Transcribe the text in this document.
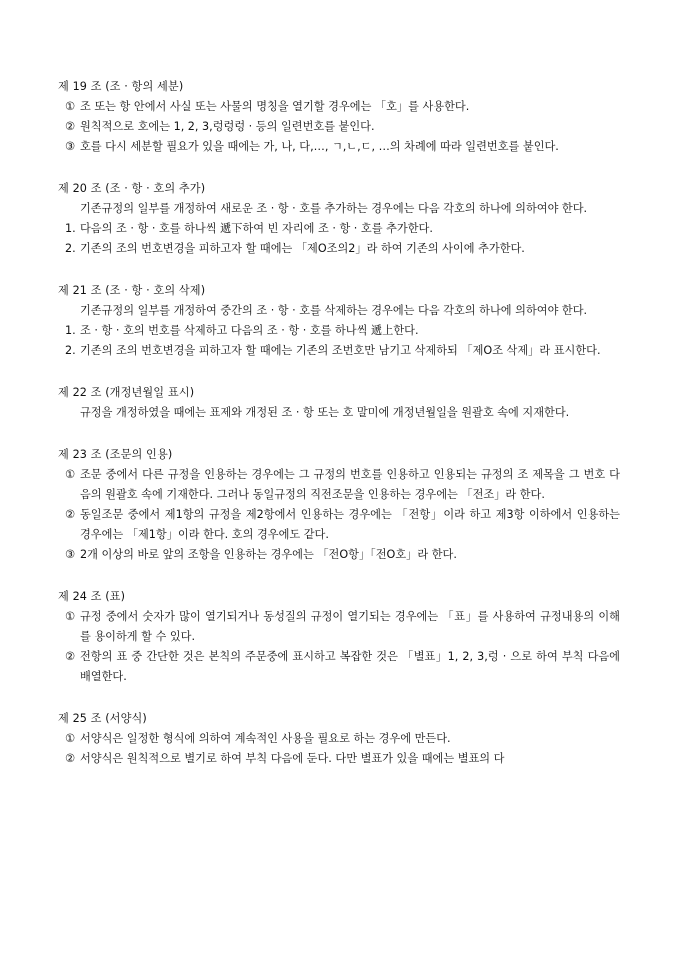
제 19 조 (조 · 항의 세분)
① 조 또는 항 안에서 사실 또는 사물의 명칭을 열기할 경우에는 「호」를 사용한다.
② 원칙적으로 호에는 1, 2, 3,렁렁렁 · 등의 일련번호를 붙인다.
③ 호를 다시 세분할 필요가 있을 때에는 가, 나, 다,…, ㄱ,ㄴ,ㄷ, …의 차례에 따라 일련번호를 붙인다.
제 20 조 (조 · 항 · 호의 추가)
기존규정의 일부를 개정하여 새로운 조 · 항 · 호를 추가하는 경우에는 다음 각호의 하나에 의하여야 한다.
1. 다음의 조 · 항 · 호를 하나씩 遞下하여 빈 자리에 조 · 항 · 호를 추가한다.
2. 기존의 조의 번호변경을 피하고자 할 때에는 「제O조의2」라 하여 기존의 사이에 추가한다.
제 21 조 (조 · 항 · 호의 삭제)
기존규정의 일부를 개정하여 중간의 조 · 항 · 호를 삭제하는 경우에는 다음 각호의 하나에 의하여야 한다.
1. 조 · 항 · 호의 번호를 삭제하고 다음의 조 · 항 · 호를 하나씩 遞上한다.
2. 기존의 조의 번호변경을 피하고자 할 때에는 기존의 조번호만 남기고 삭제하되 「제O조 삭제」라 표시한다.
제 22 조 (개정년월일 표시)
규정을 개정하였을 때에는 표제와 개정된 조 · 항 또는 호 말미에 개정년월일을 원괄호 속에 지재한다.
제 23 조 (조문의 인용)
① 조문 중에서 다른 규정을 인용하는 경우에는 그 규정의 번호를 인용하고 인용되는 규정의 조 제목을 그 번호 다음의 원괄호 속에 기재한다. 그러나 동일규정의 직전조문을 인용하는 경우에는 「전조」라 한다.
② 동일조문 중에서 제1항의 규정을 제2항에서 인용하는 경우에는 「전항」이라 하고 제3항 이하에서 인용하는 경우에는 「제1항」이라 한다. 호의 경우에도 같다.
③ 2개 이상의 바로 앞의 조항을 인용하는 경우에는 「전O항」「전O호」라 한다.
제 24 조 (표)
① 규정 중에서 숫자가 많이 열기되거나 동성질의 규정이 열기되는 경우에는 「표」를 사용하여 규정내용의 이해를 용이하게 할 수 있다.
② 전항의 표 중 간단한 것은 본칙의 주문중에 표시하고 복잡한 것은 「별표」1, 2, 3,렁 · 으로 하여 부칙 다음에 배열한다.
제 25 조 (서양식)
① 서양식은 일정한 형식에 의하여 계속적인 사용을 필요로 하는 경우에 만든다.
② 서양식은 원칙적으로 별기로 하여 부칙 다음에 둔다. 다만 별표가 있을 때에는 별표의 다
